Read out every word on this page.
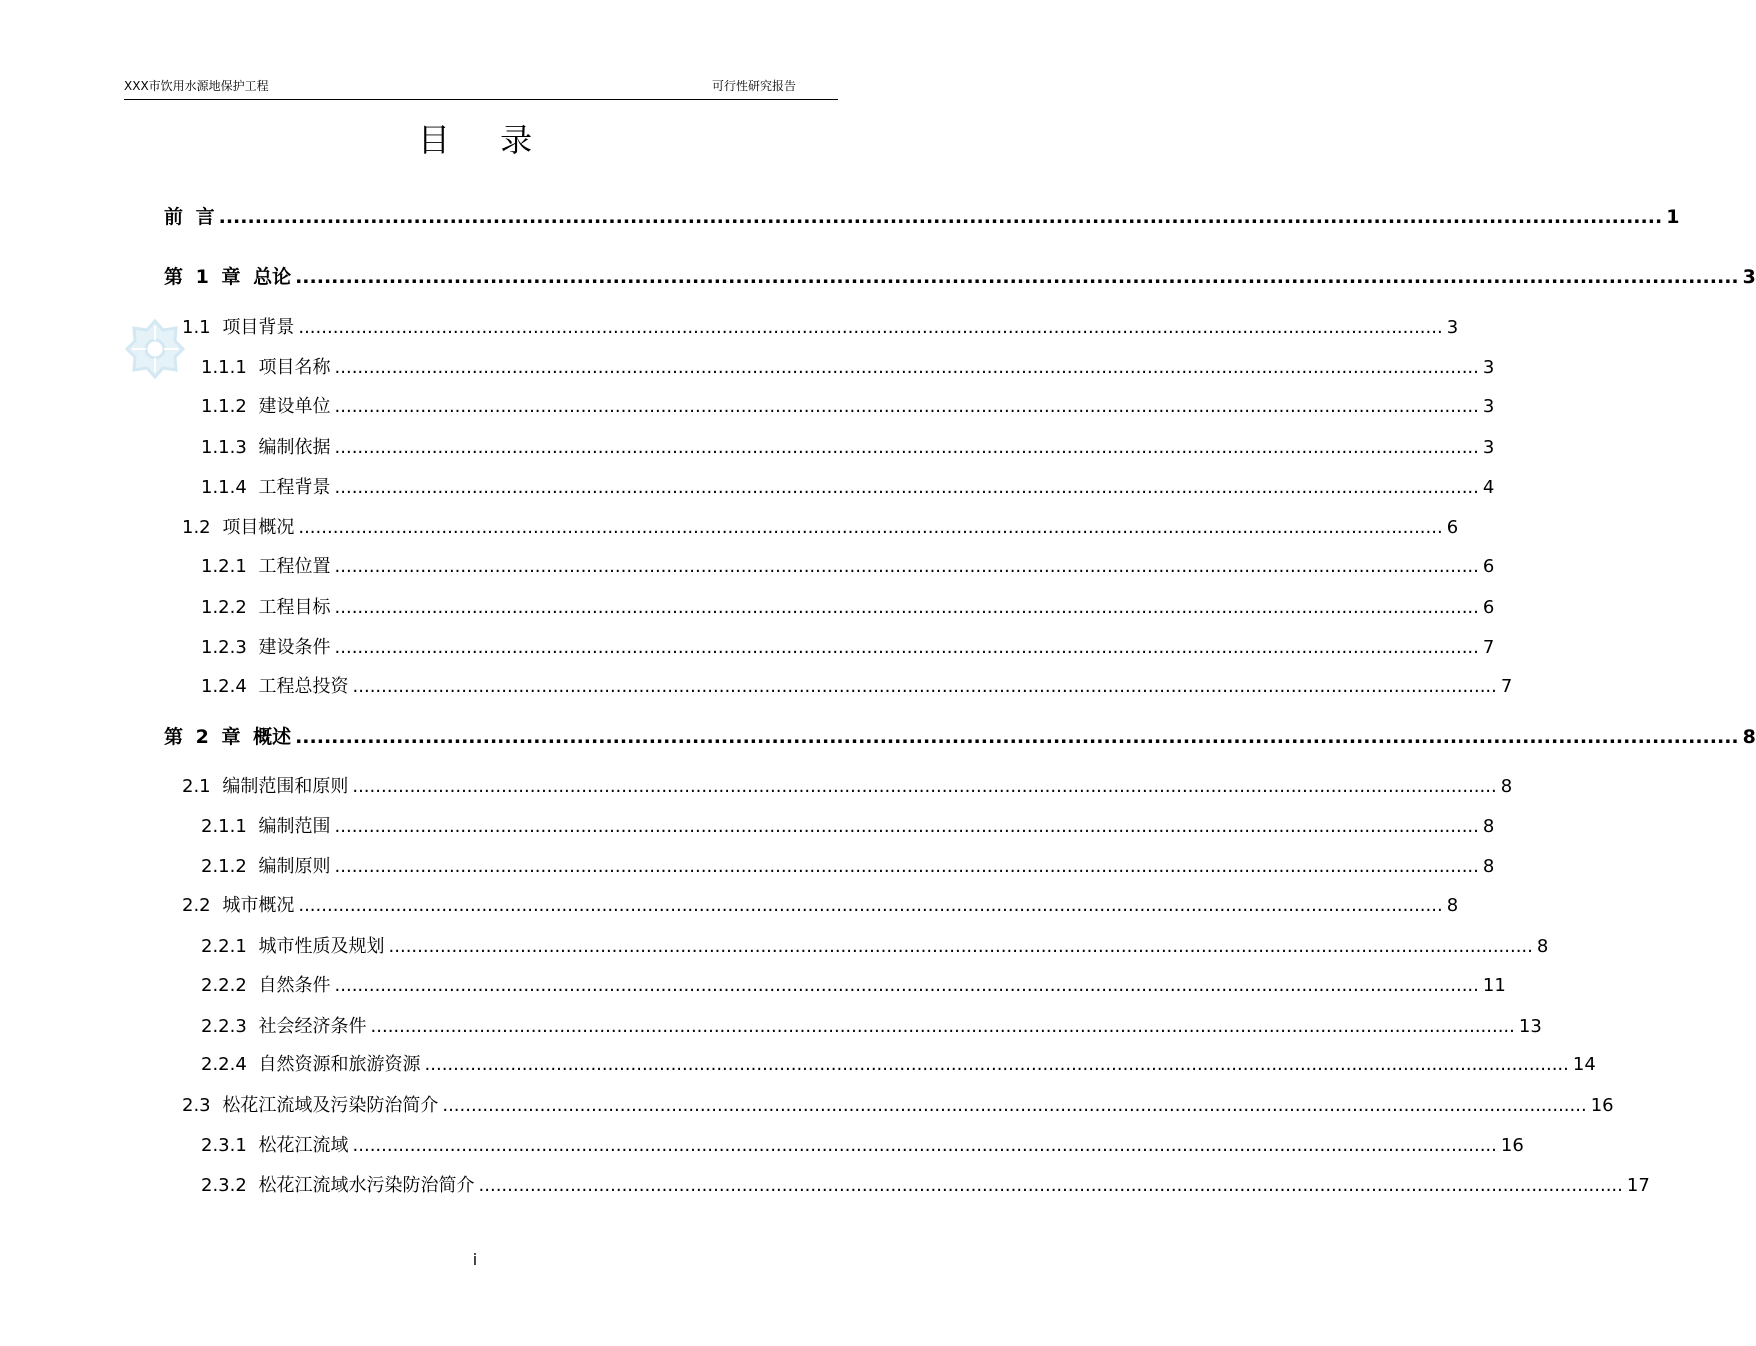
XXX市饮用水源地保护工程	可行性研究报告
目 录
前 言 ........................................................................................................................................................................................................ 1
第 1 章 总论 ........................................................................................................................................................................................................ 3
1.1 项目背景 ........................................................................................................................................................................................................ 3
1.1.1 项目名称 ........................................................................................................................................................................................................ 3
1.1.2 建设单位 ........................................................................................................................................................................................................ 3
1.1.3 编制依据 ........................................................................................................................................................................................................ 3
1.1.4 工程背景 ........................................................................................................................................................................................................ 4
1.2 项目概况 ........................................................................................................................................................................................................ 6
1.2.1 工程位置 ........................................................................................................................................................................................................ 6
1.2.2 工程目标 ........................................................................................................................................................................................................ 6
1.2.3 建设条件 ........................................................................................................................................................................................................ 7
1.2.4 工程总投资 ........................................................................................................................................................................................................ 7
第 2 章 概述 ........................................................................................................................................................................................................ 8
2.1 编制范围和原则 ........................................................................................................................................................................................................ 8
2.1.1 编制范围 ........................................................................................................................................................................................................ 8
2.1.2 编制原则 ........................................................................................................................................................................................................ 8
2.2 城市概况 ........................................................................................................................................................................................................ 8
2.2.1 城市性质及规划 ........................................................................................................................................................................................................ 8
2.2.2 自然条件 ........................................................................................................................................................................................................ 11
2.2.3 社会经济条件 ........................................................................................................................................................................................................ 13
2.2.4 自然资源和旅游资源 ........................................................................................................................................................................................................ 14
2.3 松花江流域及污染防治简介 ........................................................................................................................................................................................................ 16
2.3.1 松花江流域 ........................................................................................................................................................................................................ 16
2.3.2 松花江流域水污染防治简介 ........................................................................................................................................................................................................ 17
i
